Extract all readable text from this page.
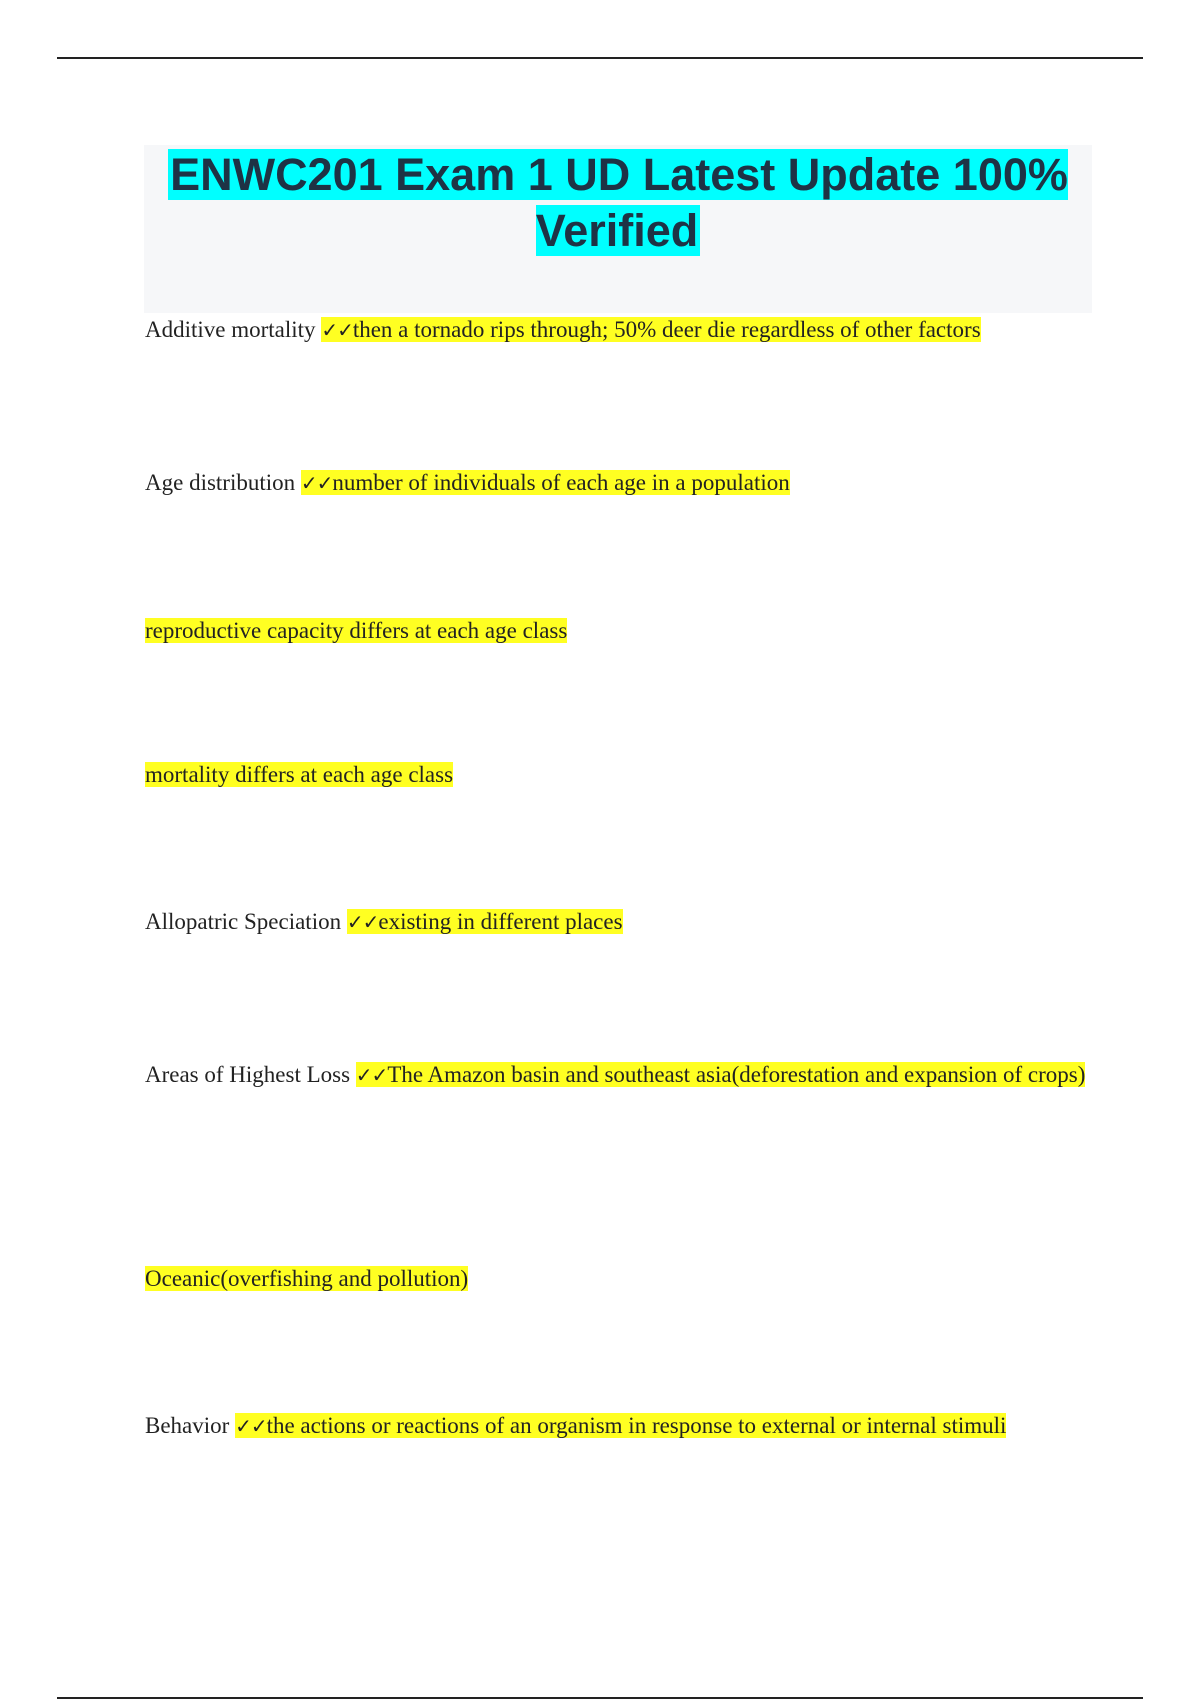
ENWC201 Exam 1 UD Latest Update 100% Verified
Additive mortality ✓✓then a tornado rips through; 50% deer die regardless of other factors
Age distribution ✓✓number of individuals of each age in a population
reproductive capacity differs at each age class
mortality differs at each age class
Allopatric Speciation ✓✓existing in different places
Areas of Highest Loss ✓✓The Amazon basin and southeast asia(deforestation and expansion of crops)
Oceanic(overfishing and pollution)
Behavior ✓✓the actions or reactions of an organism in response to external or internal stimuli
